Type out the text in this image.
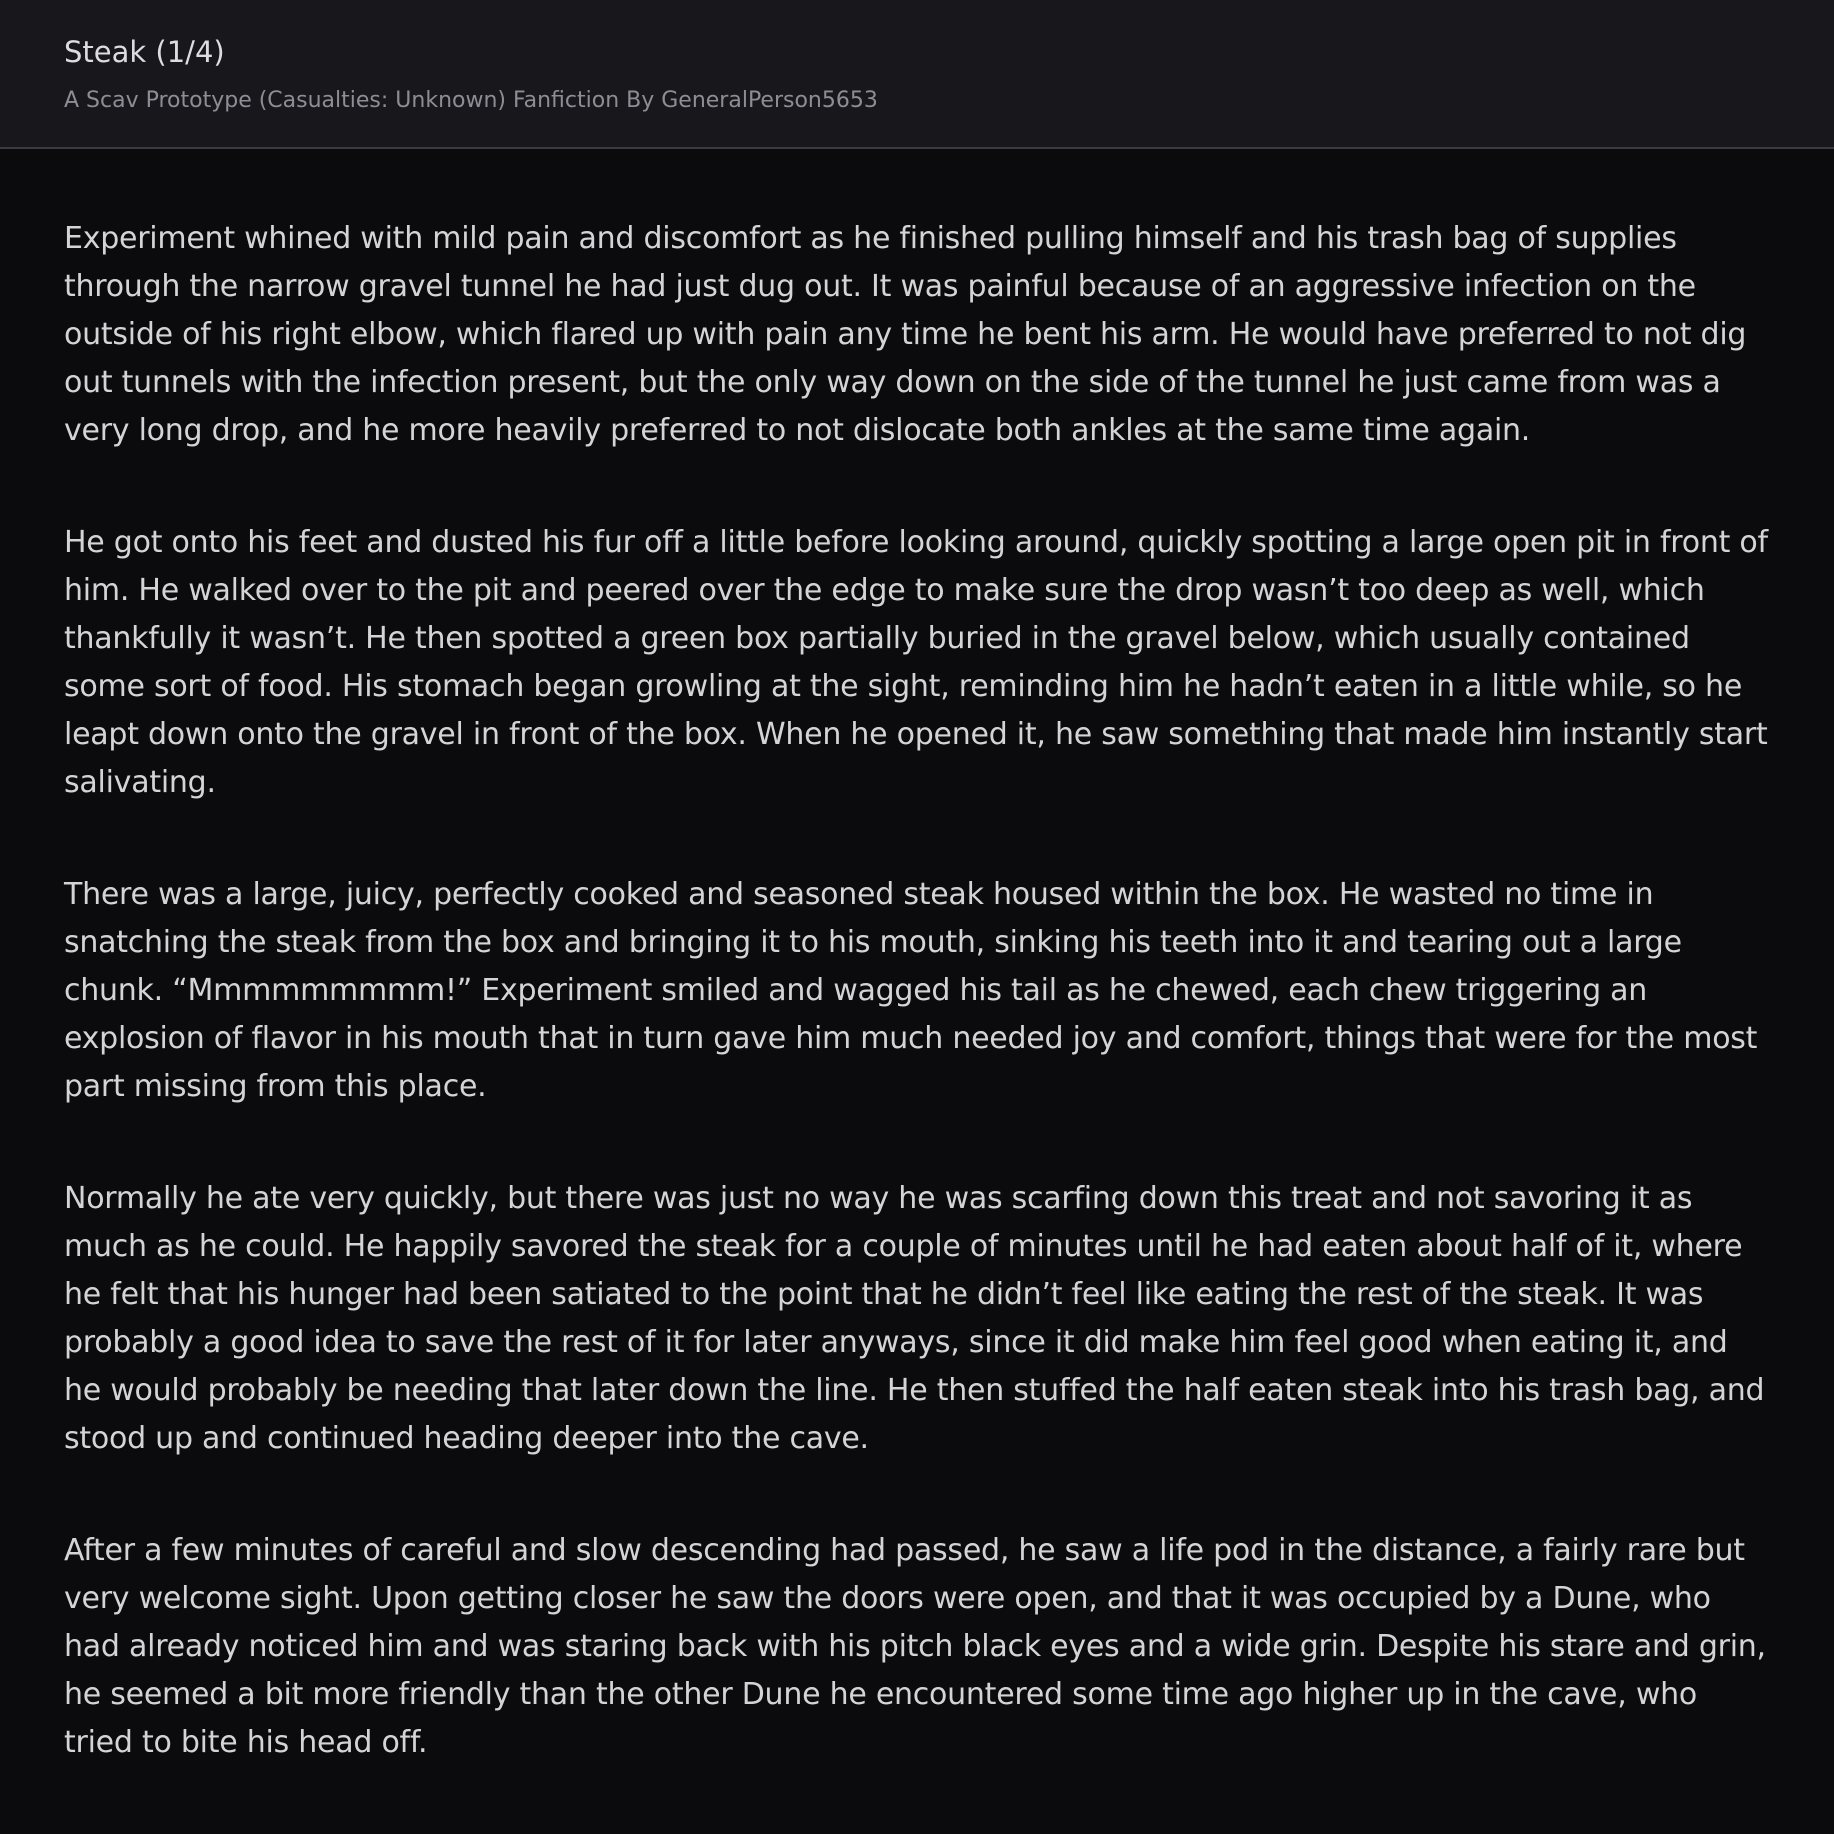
Steak (1/4)
A Scav Prototype (Casualties: Unknown) Fanfiction By GeneralPerson5653

Experiment whined with mild pain and discomfort as he finished pulling himself and his trash bag of supplies through the narrow gravel tunnel he had just dug out. It was painful because of an aggressive infection on the outside of his right elbow, which flared up with pain any time he bent his arm. He would have preferred to not dig out tunnels with the infection present, but the only way down on the side of the tunnel he just came from was a very long drop, and he more heavily preferred to not dislocate both ankles at the same time again.

He got onto his feet and dusted his fur off a little before looking around, quickly spotting a large open pit in front of him. He walked over to the pit and peered over the edge to make sure the drop wasn’t too deep as well, which thankfully it wasn’t. He then spotted a green box partially buried in the gravel below, which usually contained some sort of food. His stomach began growling at the sight, reminding him he hadn’t eaten in a little while, so he leapt down onto the gravel in front of the box. When he opened it, he saw something that made him instantly start salivating.

There was a large, juicy, perfectly cooked and seasoned steak housed within the box. He wasted no time in snatching the steak from the box and bringing it to his mouth, sinking his teeth into it and tearing out a large chunk. “Mmmmmmmmm!” Experiment smiled and wagged his tail as he chewed, each chew triggering an explosion of flavor in his mouth that in turn gave him much needed joy and comfort, things that were for the most part missing from this place.

Normally he ate very quickly, but there was just no way he was scarfing down this treat and not savoring it as much as he could. He happily savored the steak for a couple of minutes until he had eaten about half of it, where he felt that his hunger had been satiated to the point that he didn’t feel like eating the rest of the steak. It was probably a good idea to save the rest of it for later anyways, since it did make him feel good when eating it, and he would probably be needing that later down the line. He then stuffed the half eaten steak into his trash bag, and stood up and continued heading deeper into the cave.

After a few minutes of careful and slow descending had passed, he saw a life pod in the distance, a fairly rare but very welcome sight. Upon getting closer he saw the doors were open, and that it was occupied by a Dune, who had already noticed him and was staring back with his pitch black eyes and a wide grin. Despite his stare and grin, he seemed a bit more friendly than the other Dune he encountered some time ago higher up in the cave, who tried to bite his head off.
